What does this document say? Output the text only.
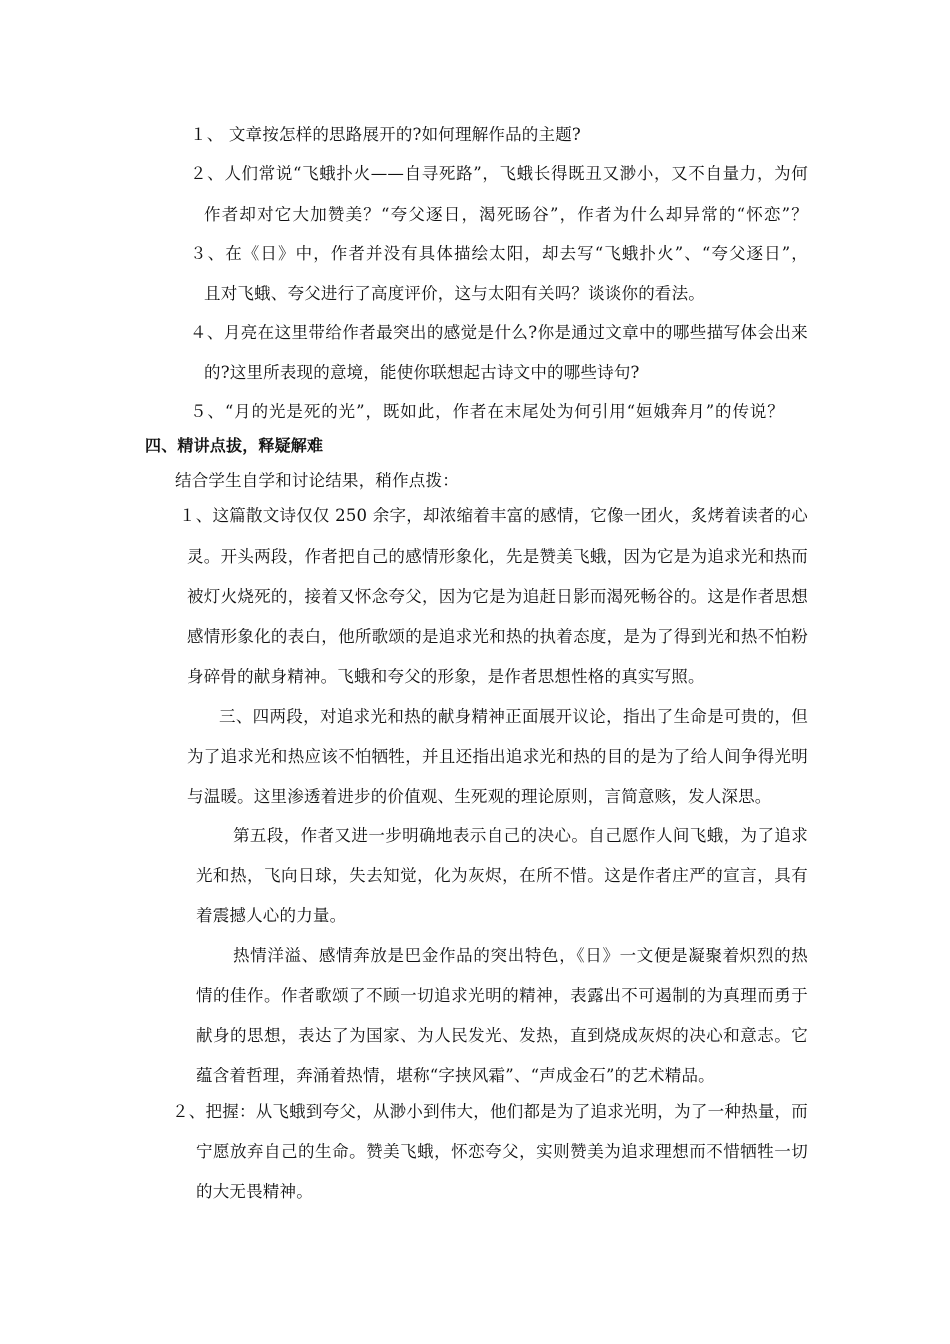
１、 文章按怎样的思路展开的?如何理解作品的主题?
２、人们常说“飞蛾扑火——自寻死路”，飞蛾长得既丑又渺小，又不自量力，为何
作者却对它大加赞美？“夸父逐日，渴死旸谷”，作者为什么却异常的“怀恋”？
３、在《日》中，作者并没有具体描绘太阳，却去写“飞蛾扑火”、“夸父逐日”，
且对飞蛾、夸父进行了高度评价，这与太阳有关吗？谈谈你的看法。
４、月亮在这里带给作者最突出的感觉是什么?你是通过文章中的哪些描写体会出来
的?这里所表现的意境，能使你联想起古诗文中的哪些诗句?
５、“月的光是死的光”，既如此，作者在末尾处为何引用“姮娥奔月”的传说？
四、精讲点拔，释疑解难
结合学生自学和讨论结果，稍作点拨：
１、这篇散文诗仅仅 250 余字，却浓缩着丰富的感情，它像一团火，炙烤着读者的心
灵。开头两段，作者把自己的感情形象化，先是赞美飞蛾，因为它是为追求光和热而
被灯火烧死的，接着又怀念夸父，因为它是为追赶日影而渴死畅谷的。这是作者思想
感情形象化的表白，他所歌颂的是追求光和热的执着态度，是为了得到光和热不怕粉
身碎骨的献身精神。飞蛾和夸父的形象，是作者思想性格的真实写照。
三、四两段，对追求光和热的献身精神正面展开议论，指出了生命是可贵的，但
为了追求光和热应该不怕牺牲，并且还指出追求光和热的目的是为了给人间争得光明
与温暖。这里渗透着进步的价值观、生死观的理论原则，言简意赅，发人深思。
第五段，作者又进一步明确地表示自己的决心。自己愿作人间飞蛾，为了追求
光和热，飞向日球，失去知觉，化为灰烬，在所不惜。这是作者庄严的宣言，具有
着震撼人心的力量。
热情洋溢、感情奔放是巴金作品的突出特色，《日》一文便是凝聚着炽烈的热
情的佳作。作者歌颂了不顾一切追求光明的精神，表露出不可遏制的为真理而勇于
献身的思想，表达了为国家、为人民发光、发热，直到烧成灰烬的决心和意志。它
蕴含着哲理，奔涌着热情，堪称“字挟风霜”、“声成金石”的艺术精品。
２、把握：从飞蛾到夸父，从渺小到伟大，他们都是为了追求光明，为了一种热量，而
宁愿放弃自己的生命。赞美飞蛾，怀恋夸父，实则赞美为追求理想而不惜牺牲一切
的大无畏精神。
